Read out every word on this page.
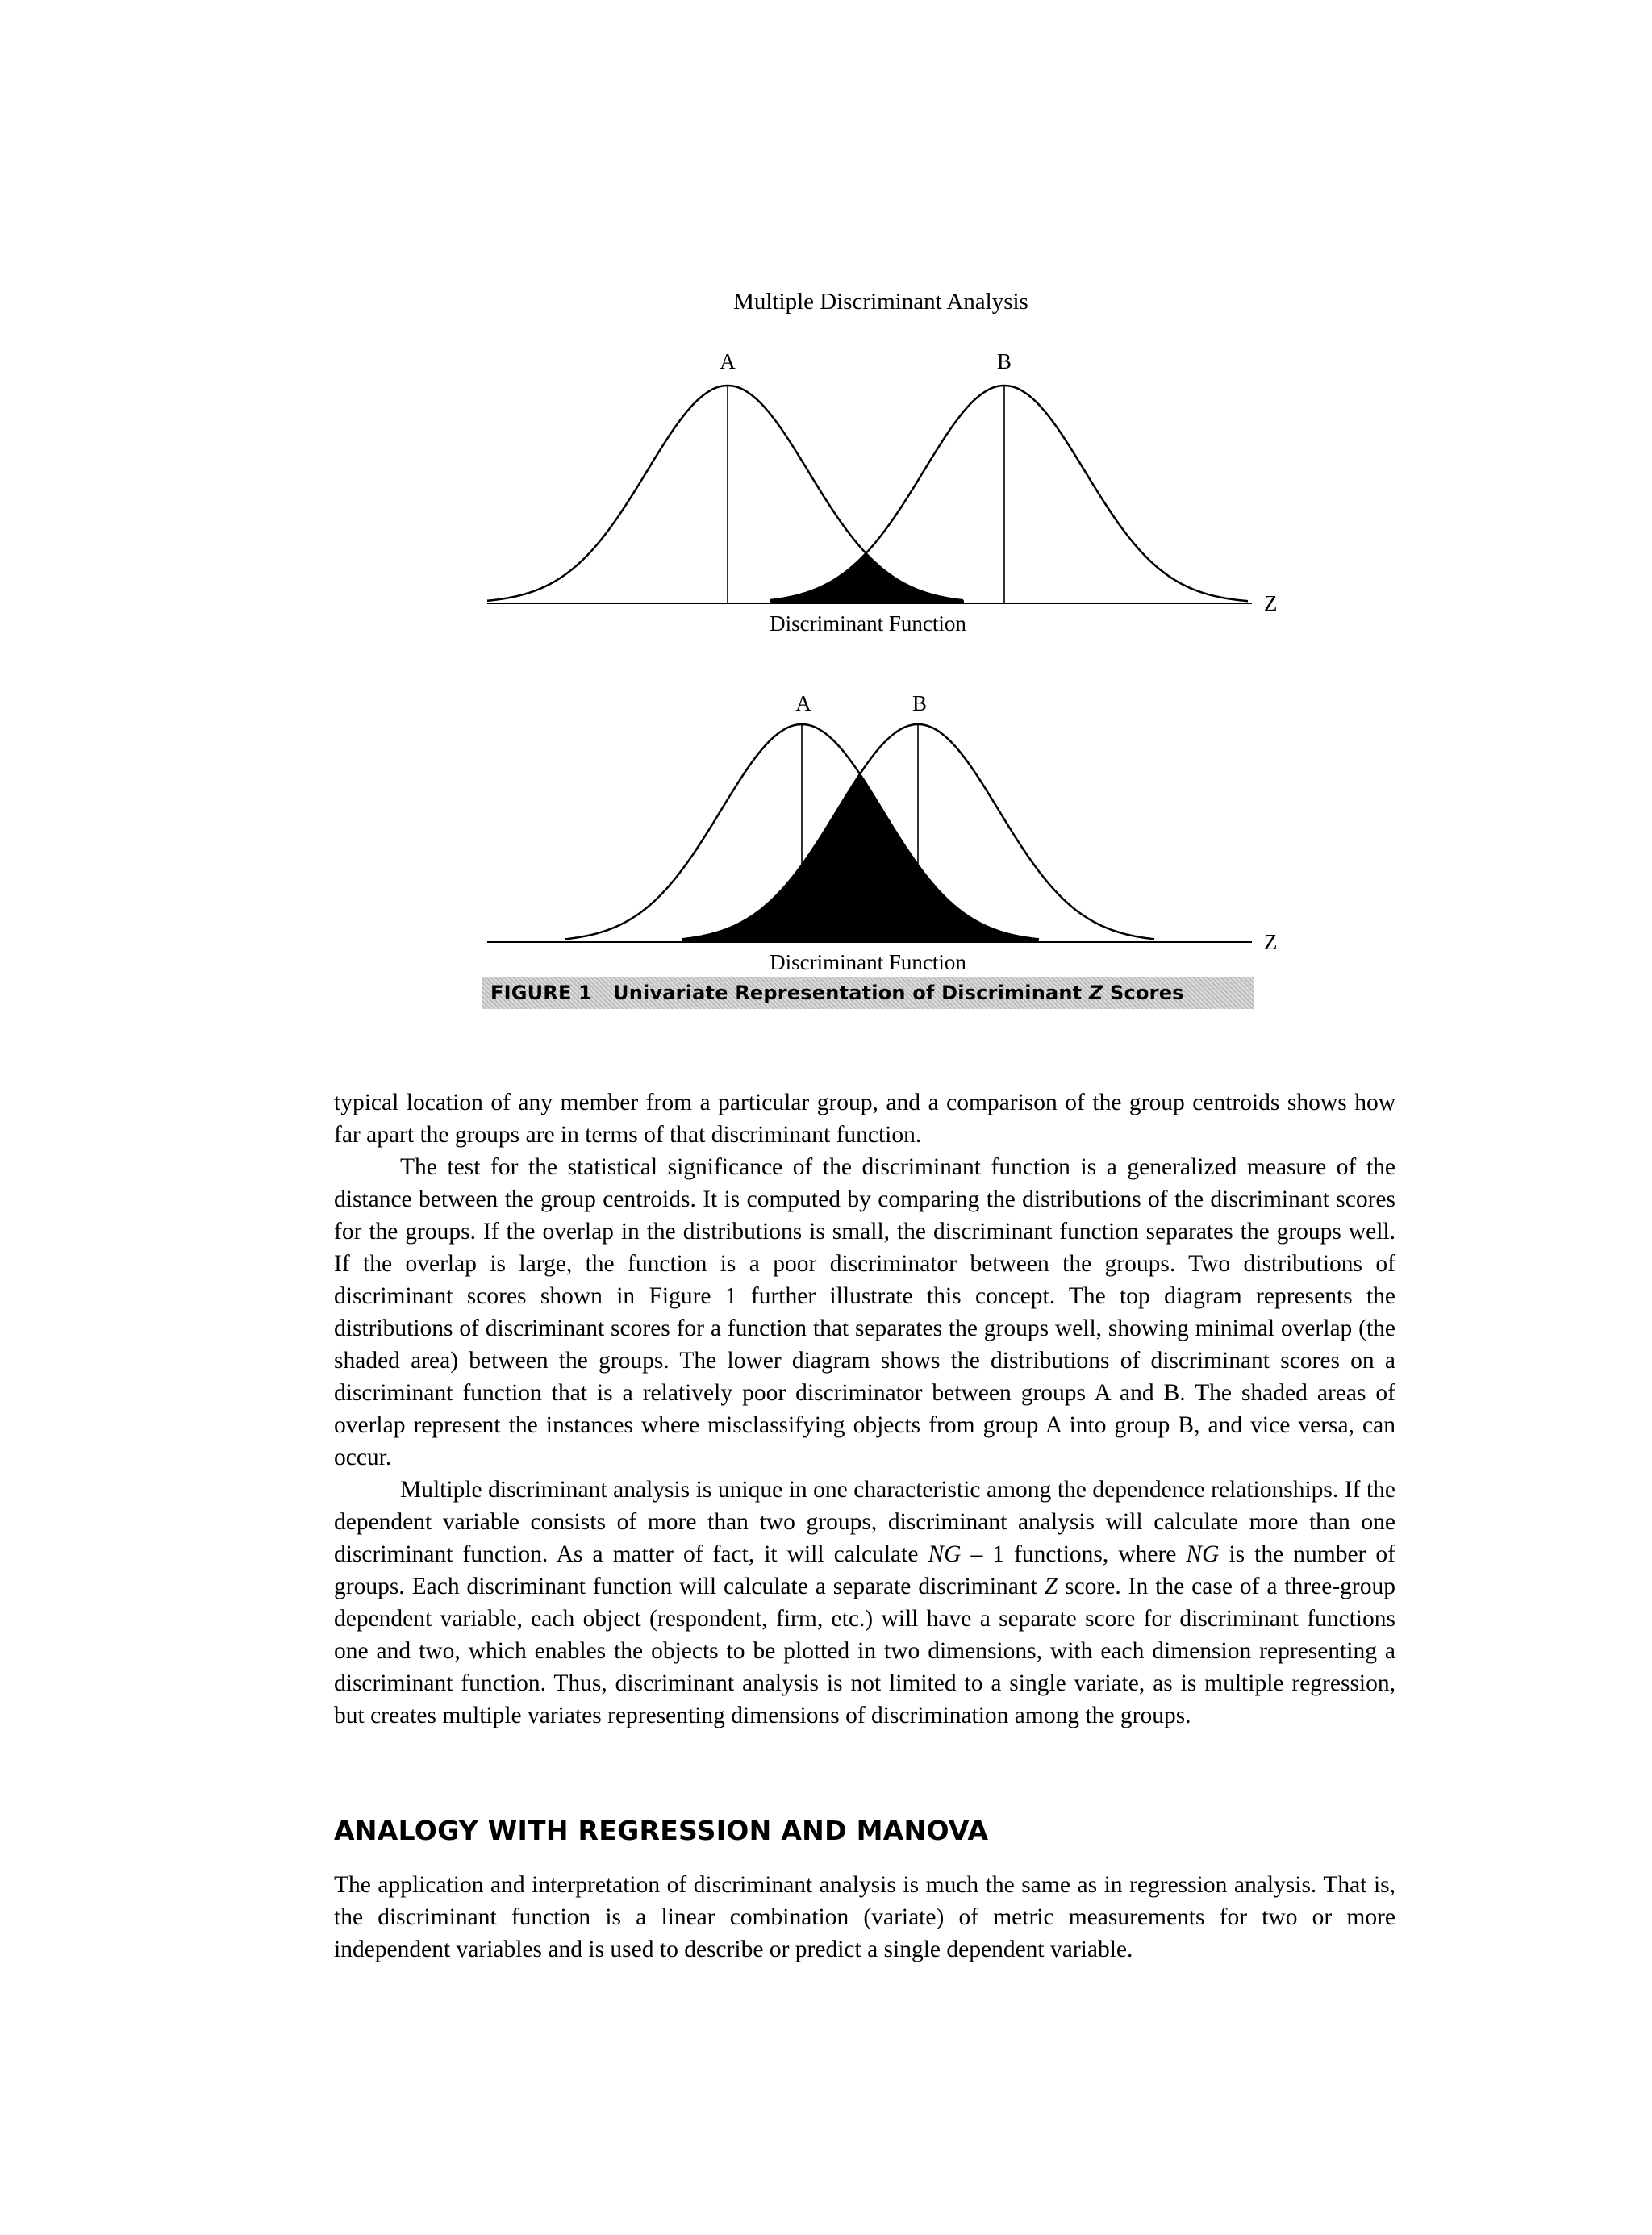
Multiple Discriminant Analysis
A	B
Z
Discriminant Function
A	B
Z
Discriminant Function
FIGURE 1 Univariate Representation of Discriminant Z Scores

typical location of any member from a particular group, and a comparison of the group centroids shows how far apart the groups are in terms of that discriminant function.

The test for the statistical significance of the discriminant function is a generalized measure of the distance between the group centroids. It is computed by comparing the distributions of the discriminant scores for the groups. If the overlap in the distributions is small, the discriminant function separates the groups well. If the overlap is large, the function is a poor discriminator between the groups. Two distributions of discriminant scores shown in Figure 1 further illustrate this concept. The top diagram represents the distributions of discriminant scores for a function that separates the groups well, showing minimal overlap (the shaded area) between the groups. The lower diagram shows the distributions of discriminant scores on a discriminant function that is a relatively poor discriminator between groups A and B. The shaded areas of overlap represent the instances where misclassifying objects from group A into group B, and vice versa, can occur.

Multiple discriminant analysis is unique in one characteristic among the dependence relationships. If the dependent variable consists of more than two groups, discriminant analysis will calculate more than one discriminant function. As a matter of fact, it will calculate NG – 1 functions, where NG is the number of groups. Each discriminant function will calculate a separate discriminant Z score. In the case of a three-group dependent variable, each object (respondent, firm, etc.) will have a separate score for discriminant functions one and two, which enables the objects to be plotted in two dimensions, with each dimension representing a discriminant function. Thus, discriminant analysis is not limited to a single variate, as is multiple regression, but creates multiple variates representing dimensions of discrimination among the groups.

ANALOGY WITH REGRESSION AND MANOVA

The application and interpretation of discriminant analysis is much the same as in regression analysis. That is, the discriminant function is a linear combination (variate) of metric measurements for two or more independent variables and is used to describe or predict a single dependent variable.
